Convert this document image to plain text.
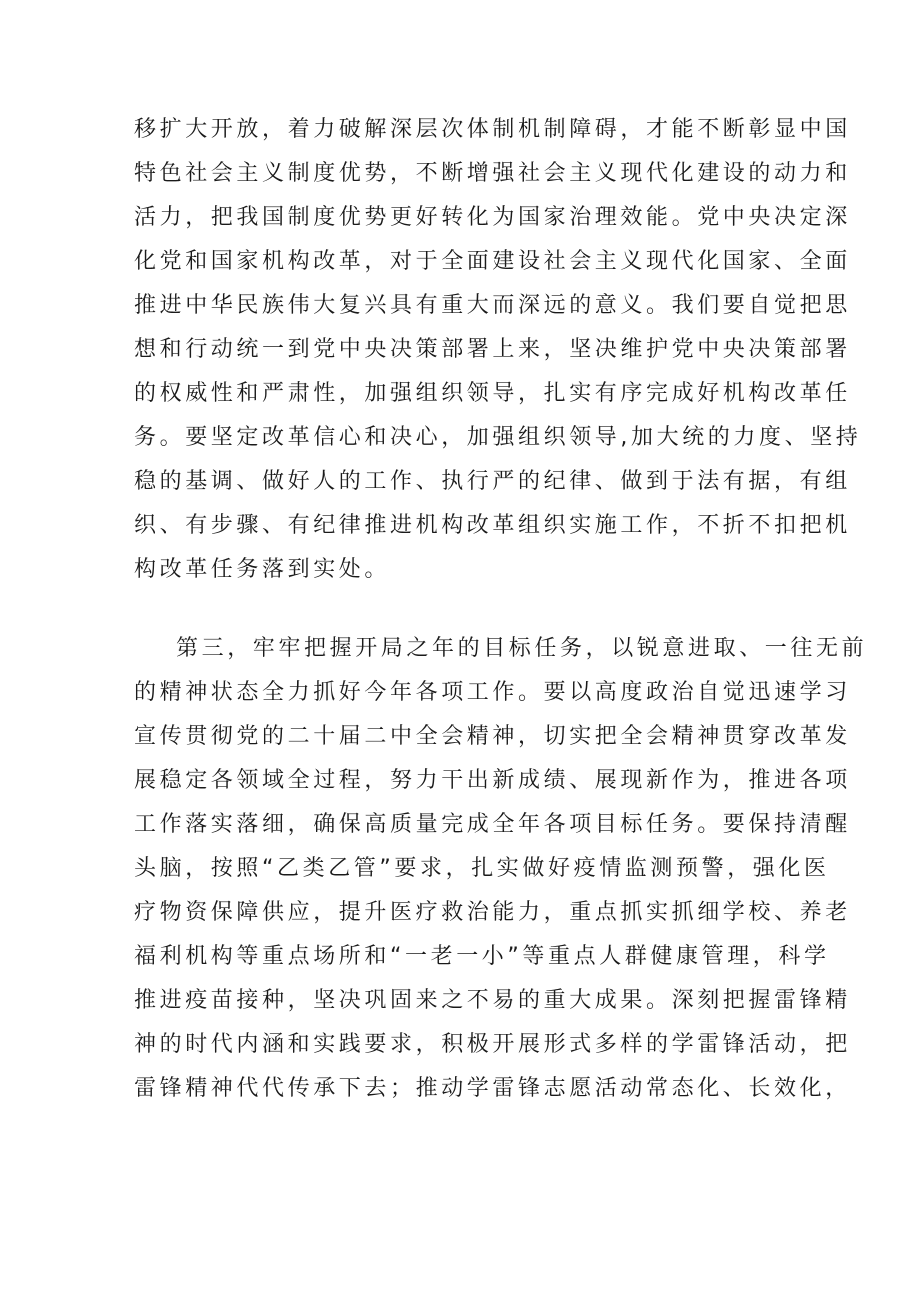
移扩大开放，着力破解深层次体制机制障碍，才能不断彰显中国
特色社会主义制度优势，不断增强社会主义现代化建设的动力和
活力，把我国制度优势更好转化为国家治理效能。党中央决定深
化党和国家机构改革，对于全面建设社会主义现代化国家、全面
推进中华民族伟大复兴具有重大而深远的意义。我们要自觉把思
想和行动统一到党中央决策部署上来，坚决维护党中央决策部署
的权威性和严肃性，加强组织领导，扎实有序完成好机构改革任
务。要坚定改革信心和决心，加强组织领导,加大统的力度、坚持
稳的基调、做好人的工作、执行严的纪律、做到于法有据，有组
织、有步骤、有纪律推进机构改革组织实施工作，不折不扣把机
构改革任务落到实处。
第三，牢牢把握开局之年的目标任务，以锐意进取、一往无前
的精神状态全力抓好今年各项工作。要以高度政治自觉迅速学习
宣传贯彻党的二十届二中全会精神，切实把全会精神贯穿改革发
展稳定各领域全过程，努力干出新成绩、展现新作为，推进各项
工作落实落细，确保高质量完成全年各项目标任务。要保持清醒
头脑，按照“乙类乙管”要求，扎实做好疫情监测预警，强化医
疗物资保障供应，提升医疗救治能力，重点抓实抓细学校、养老
福利机构等重点场所和“一老一小”等重点人群健康管理，科学
推进疫苗接种，坚决巩固来之不易的重大成果。深刻把握雷锋精
神的时代内涵和实践要求，积极开展形式多样的学雷锋活动，把
雷锋精神代代传承下去；推动学雷锋志愿活动常态化、长效化，
